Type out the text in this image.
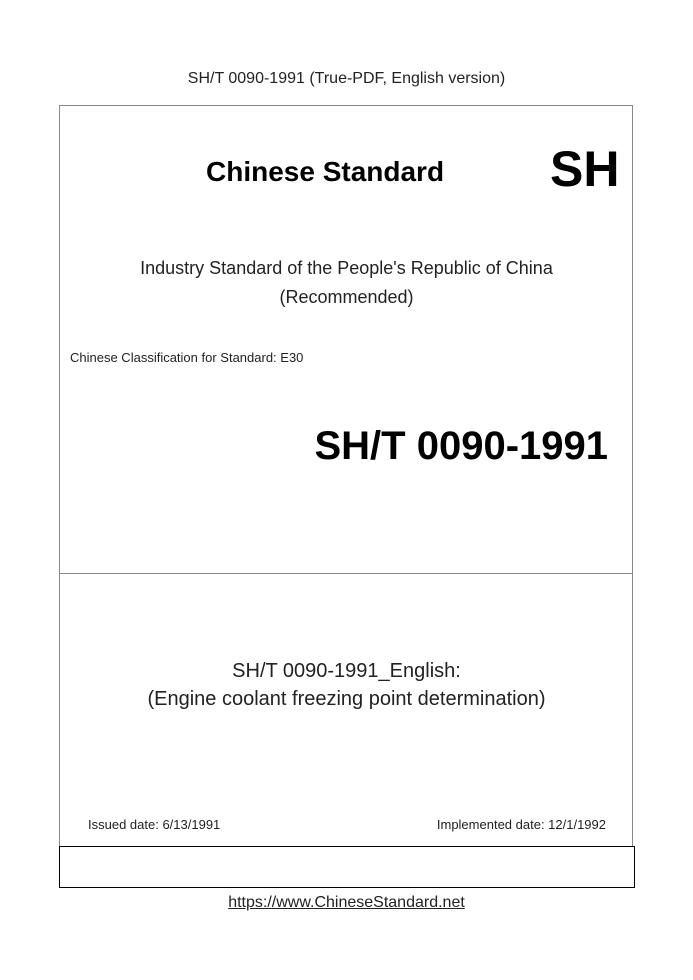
SH/T 0090-1991 (True-PDF, English version)
Chinese Standard SH
Industry Standard of the People's Republic of China
(Recommended)
Chinese Classification for Standard: E30
SH/T 0090-1991
SH/T 0090-1991_English:
(Engine coolant freezing point determination)
Issued date: 6/13/1991	Implemented date: 12/1/1992
https://www.ChineseStandard.net
